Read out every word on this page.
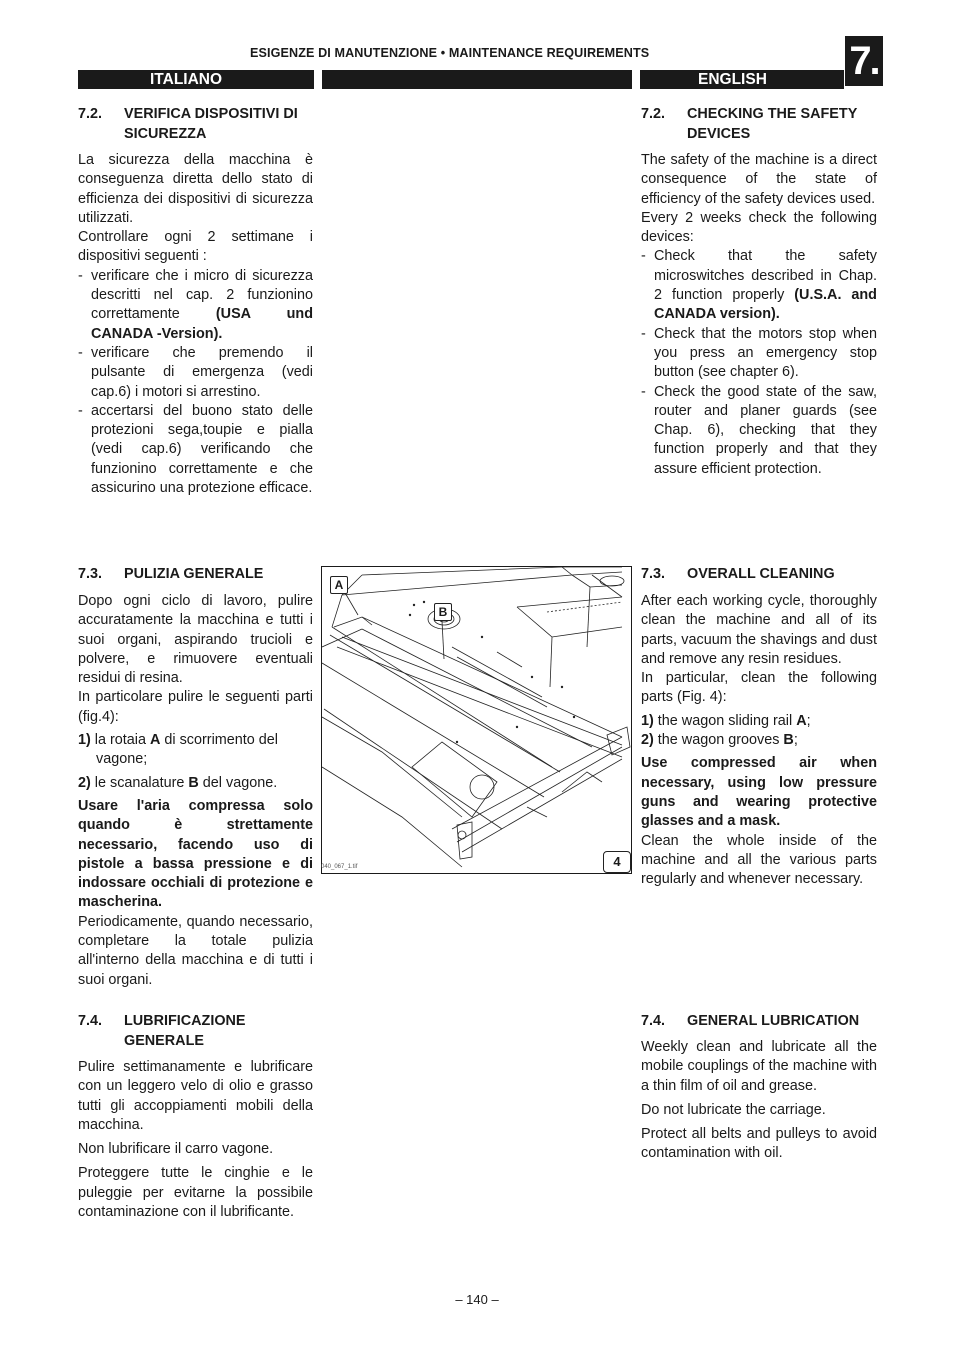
ESIGENZE DI MANUTENZIONE • MAINTENANCE REQUIREMENTS	7.
ITALIANO	ENGLISH
7.2.	VERIFICA DISPOSITIVI DI SICUREZZA

La sicurezza della macchina è conseguenza diretta dello stato di efficienza dei dispositivi di sicurezza utilizzati.

Controllare ogni 2 settimane i dispositivi seguenti :

- verificare che i micro di sicurezza descritti nel cap. 2 funzionino correttamente (USA und CANADA -Version).
- verificare che premendo il pulsante di emergenza (vedi cap.6) i motori si arrestino.
- accertarsi del buono stato delle protezioni sega,toupie e pialla (vedi cap.6) verificando che funzionino correttamente e che assicurino una protezione efficace.
7.2.	CHECKING THE SAFETY DEVICES

The safety of the machine is a direct consequence of the state of efficiency of the safety devices used.

Every 2 weeks check the following devices:

- Check that the safety microswitches described in Chap. 2 function properly (U.S.A. and CANADA version).
- Check that the motors stop when you press an emergency stop button (see chapter 6).
- Check the good state of the saw, router and planer guards (see Chap. 6), checking that they function properly and that they assure efficient protection.
7.3.	PULIZIA GENERALE

Dopo ogni ciclo di lavoro, pulire accuratamente la macchina e tutti i suoi organi, aspirando trucioli e polvere, e rimuovere eventuali residui di resina.

In particolare pulire le seguenti parti (fig.4):

1) la rotaia A di scorrimento del vagone;

2) le scanalature B del vagone.

Usare l'aria compressa solo quando è strettamente necessario, facendo uso di pistole a bassa pressione e di indossare occhiali di protezione e mascherina.

Periodicamente, quando necessario, completare la totale pulizia all'interno della macchina e di tutti i suoi organi.

7.3.	OVERALL CLEANING

After each working cycle, thoroughly clean the machine and all of its parts, vacuum the shavings and dust and remove any resin residues.

In particular, clean the following parts (Fig. 4):

1) the wagon sliding rail A;

2) the wagon grooves B;

Use compressed air when necessary, using low pressure guns and wearing protective glasses and a mask.

Clean the whole inside of the machine and all the various parts regularly and whenever necessary.

A
B
4
040_067_1.tif
7.4.	LUBRIFICAZIONE GENERALE

Pulire settimanamente e lubrificare con un leggero velo di olio e grasso tutti gli accoppiamenti mobili della macchina.

Non lubrificare il carro vagone.

Proteggere tutte le cinghie e le puleggie per evitarne la possibile contaminazione con il lubrificante.

7.4.	GENERAL LUBRICATION

Weekly clean and lubricate all the mobile couplings of the machine with a thin film of oil and grease.

Do not lubricate the carriage.

Protect all belts and pulleys to avoid contamination with oil.

– 140 –
